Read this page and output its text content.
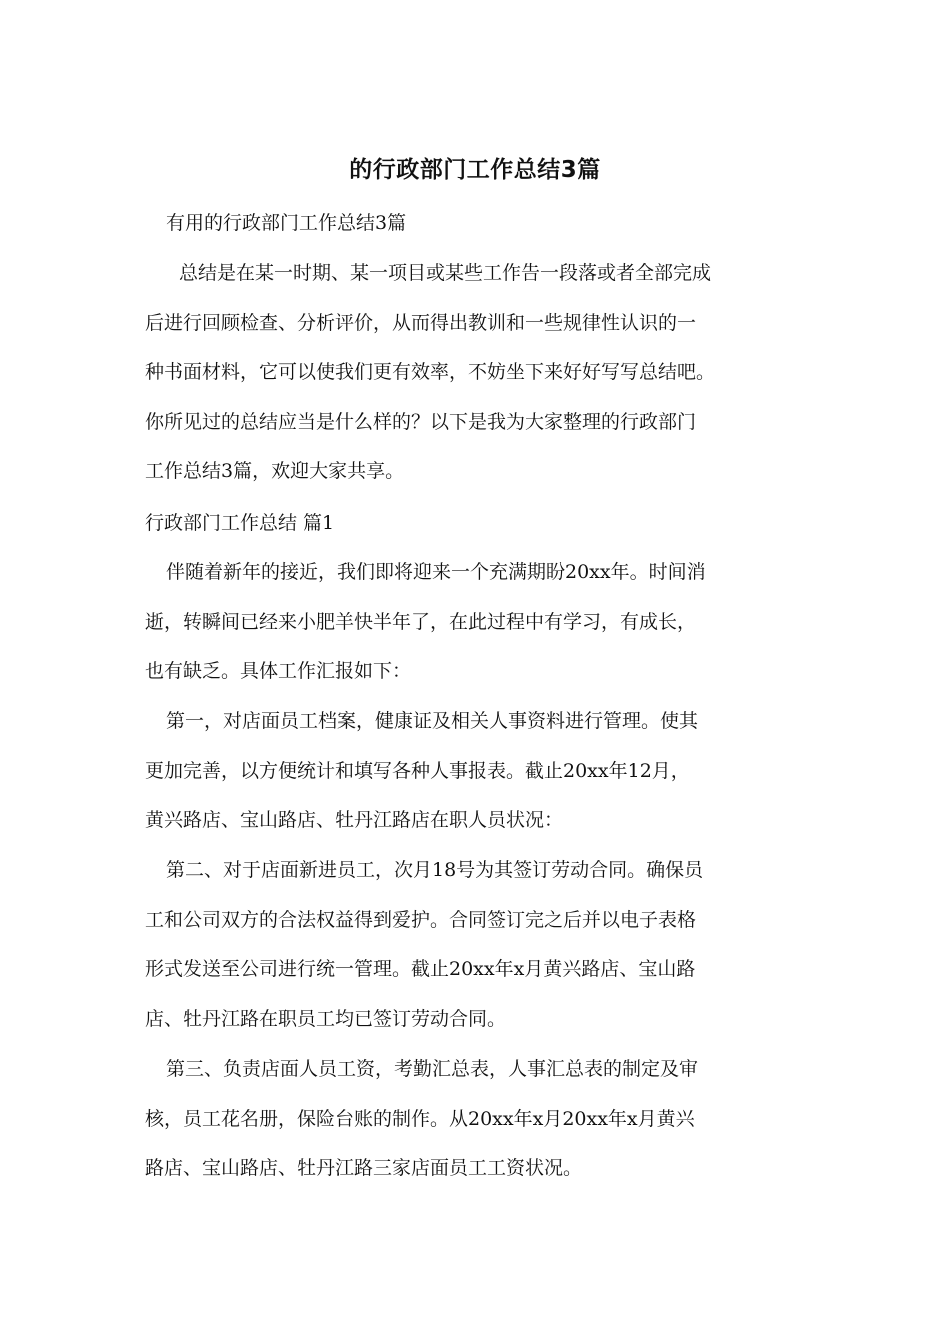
的行政部门工作总结3篇
有用的行政部门工作总结3篇
总结是在某一时期、某一项目或某些工作告一段落或者全部完成
后进行回顾检查、分析评价，从而得出教训和一些规律性认识的一
种书面材料，它可以使我们更有效率，不妨坐下来好好写写总结吧。
你所见过的总结应当是什么样的？以下是我为大家整理的行政部门
工作总结3篇，欢迎大家共享。
行政部门工作总结 篇1
伴随着新年的接近，我们即将迎来一个充满期盼20xx年。时间消
逝，转瞬间已经来小肥羊快半年了，在此过程中有学习，有成长，
也有缺乏。具体工作汇报如下：
第一，对店面员工档案，健康证及相关人事资料进行管理。使其
更加完善，以方便统计和填写各种人事报表。截止20xx年12月，
黄兴路店、宝山路店、牡丹江路店在职人员状况：
第二、对于店面新进员工，次月18号为其签订劳动合同。确保员
工和公司双方的合法权益得到爱护。合同签订完之后并以电子表格
形式发送至公司进行统一管理。截止20xx年x月黄兴路店、宝山路
店、牡丹江路在职员工均已签订劳动合同。
第三、负责店面人员工资，考勤汇总表，人事汇总表的制定及审
核，员工花名册，保险台账的制作。从20xx年x月20xx年x月黄兴
路店、宝山路店、牡丹江路三家店面员工工资状况。
